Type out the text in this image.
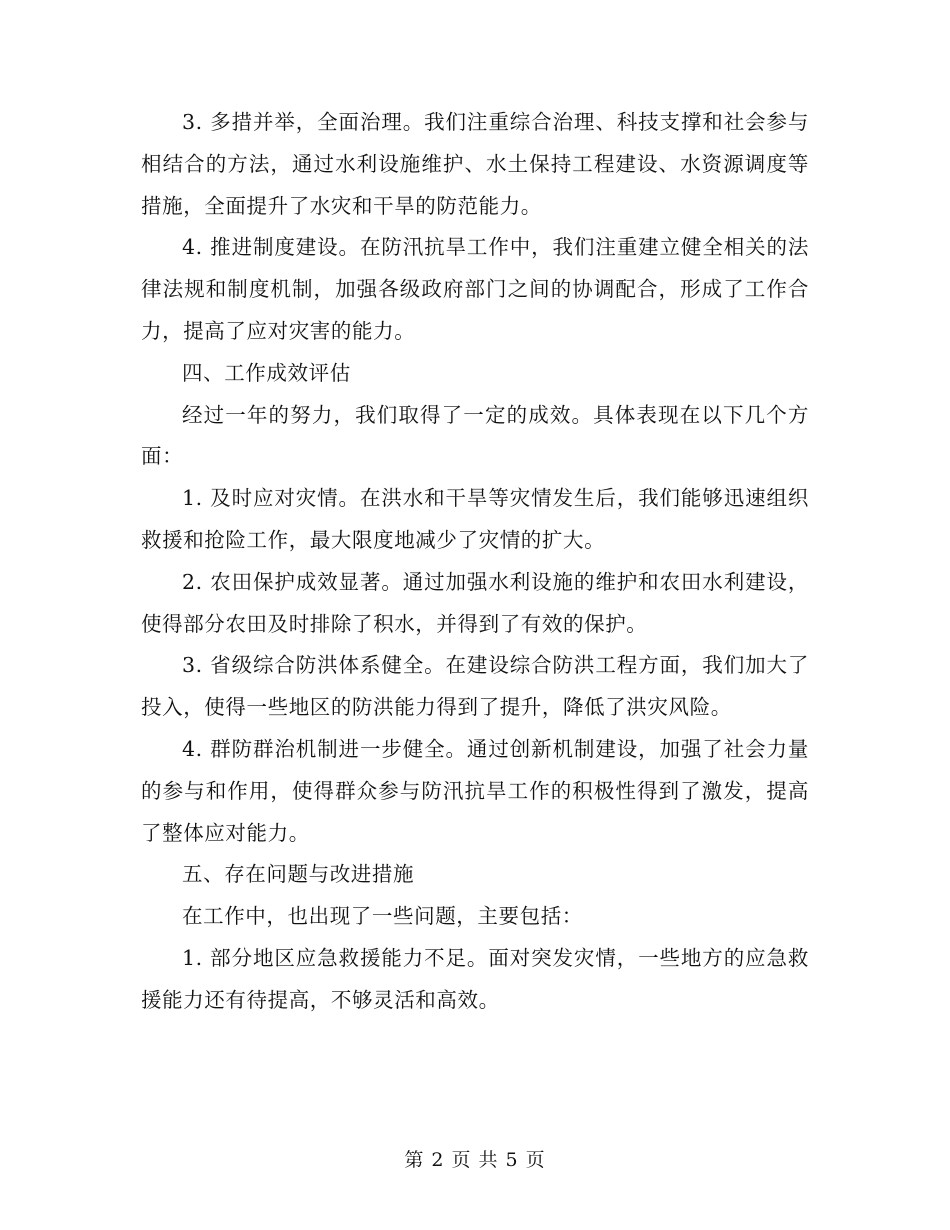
3. 多措并举，全面治理。我们注重综合治理、科技支撑和社会参与相结合的方法，通过水利设施维护、水土保持工程建设、水资源调度等措施，全面提升了水灾和干旱的防范能力。

4. 推进制度建设。在防汛抗旱工作中，我们注重建立健全相关的法律法规和制度机制，加强各级政府部门之间的协调配合，形成了工作合力，提高了应对灾害的能力。

四、工作成效评估

经过一年的努力，我们取得了一定的成效。具体表现在以下几个方面：

1. 及时应对灾情。在洪水和干旱等灾情发生后，我们能够迅速组织救援和抢险工作，最大限度地减少了灾情的扩大。

2. 农田保护成效显著。通过加强水利设施的维护和农田水利建设，使得部分农田及时排除了积水，并得到了有效的保护。

3. 省级综合防洪体系健全。在建设综合防洪工程方面，我们加大了投入，使得一些地区的防洪能力得到了提升，降低了洪灾风险。

4. 群防群治机制进一步健全。通过创新机制建设，加强了社会力量的参与和作用，使得群众参与防汛抗旱工作的积极性得到了激发，提高了整体应对能力。

五、存在问题与改进措施

在工作中，也出现了一些问题，主要包括：

1. 部分地区应急救援能力不足。面对突发灾情，一些地方的应急救援能力还有待提高，不够灵活和高效。

第 2 页 共 5 页
